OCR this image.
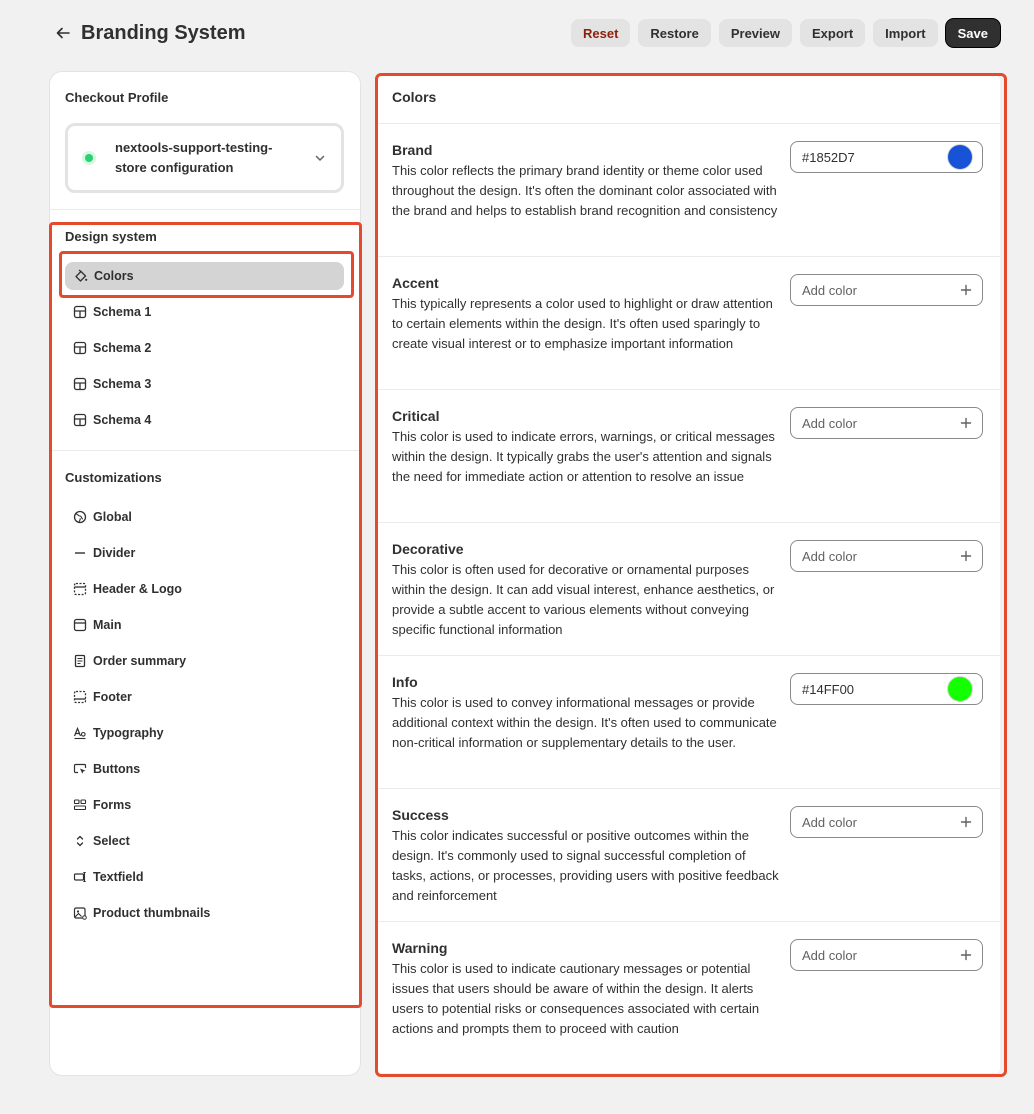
Branding System	Reset	Restore	Preview	Export	Import	Save
Checkout Profile
nextools-support-testing-store configuration
Design system
Colors
Schema 1
Schema 2
Schema 3
Schema 4
Customizations
Global
Divider
Header & Logo
Main
Order summary
Footer
Typography
Buttons
Forms
Select
Textfield
Product thumbnails
Colors
Brand
This color reflects the primary brand identity or theme color used throughout the design. It's often the dominant color associated with the brand and helps to establish brand recognition and consistency
#1852D7
Accent
This typically represents a color used to highlight or draw attention to certain elements within the design. It's often used sparingly to create visual interest or to emphasize important information
Add color
Critical
This color is used to indicate errors, warnings, or critical messages within the design. It typically grabs the user's attention and signals the need for immediate action or attention to resolve an issue
Add color
Decorative
This color is often used for decorative or ornamental purposes within the design. It can add visual interest, enhance aesthetics, or provide a subtle accent to various elements without conveying specific functional information
Add color
Info
This color is used to convey informational messages or provide additional context within the design. It's often used to communicate non-critical information or supplementary details to the user.
#14FF00
Success
This color indicates successful or positive outcomes within the design. It's commonly used to signal successful completion of tasks, actions, or processes, providing users with positive feedback and reinforcement
Add color
Warning
This color is used to indicate cautionary messages or potential issues that users should be aware of within the design. It alerts users to potential risks or consequences associated with certain actions and prompts them to proceed with caution
Add color
